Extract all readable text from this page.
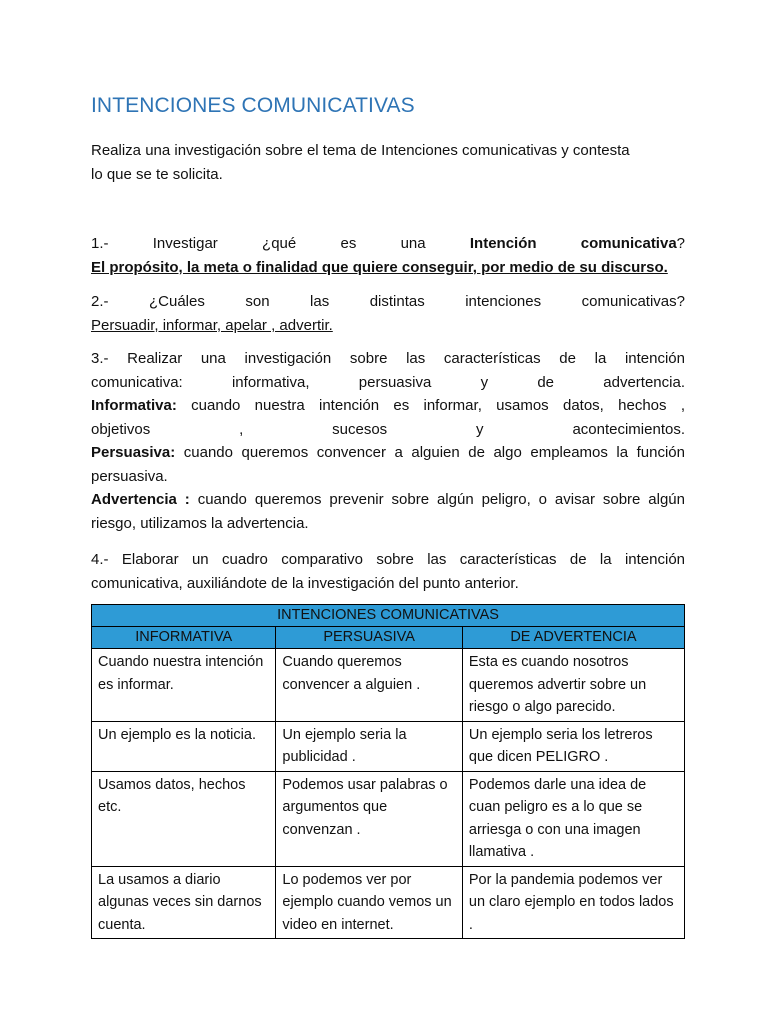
INTENCIONES COMUNICATIVAS

Realiza una investigación sobre el tema de Intenciones comunicativas y contesta
lo que se te solicita.

1.- Investigar ¿qué es una	Intención comunicativa?
El propósito, la meta o finalidad que quiere conseguir, por medio de su discurso.

2.- ¿Cuáles son las distintas intenciones comunicativas?
Persuadir, informar, apelar , advertir.

3.- Realizar una investigación sobre las características de la intención
comunicativa: informativa, persuasiva y de advertencia.
Informativa: cuando nuestra intención es informar, usamos datos, hechos ,
objetivos , sucesos y acontecimientos.
Persuasiva: cuando queremos convencer a alguien de algo empleamos la función
persuasiva.
Advertencia : cuando queremos prevenir sobre algún peligro, o avisar sobre algún
riesgo, utilizamos la advertencia.

4.- Elaborar un cuadro comparativo sobre las características de la intención
comunicativa, auxiliándote de la investigación del punto anterior.

INTENCIONES COMUNICATIVAS		
INFORMATIVA	PERSUASIVA	DE ADVERTENCIA
Cuando nuestra intención es informar.	Cuando queremos convencer a alguien .	Esta es cuando nosotros queremos advertir sobre un riesgo o algo parecido.
Un ejemplo es la noticia.	Un ejemplo seria la publicidad .	Un ejemplo seria los letreros que dicen PELIGRO .
Usamos datos, hechos etc.	Podemos usar palabras o argumentos que convenzan .	Podemos darle una idea de cuan peligro es a lo que se arriesga o con una imagen llamativa .
La usamos a diario algunas veces sin darnos cuenta.	Lo podemos ver por ejemplo cuando vemos un video en internet.	Por la pandemia podemos ver un claro ejemplo en todos lados .
